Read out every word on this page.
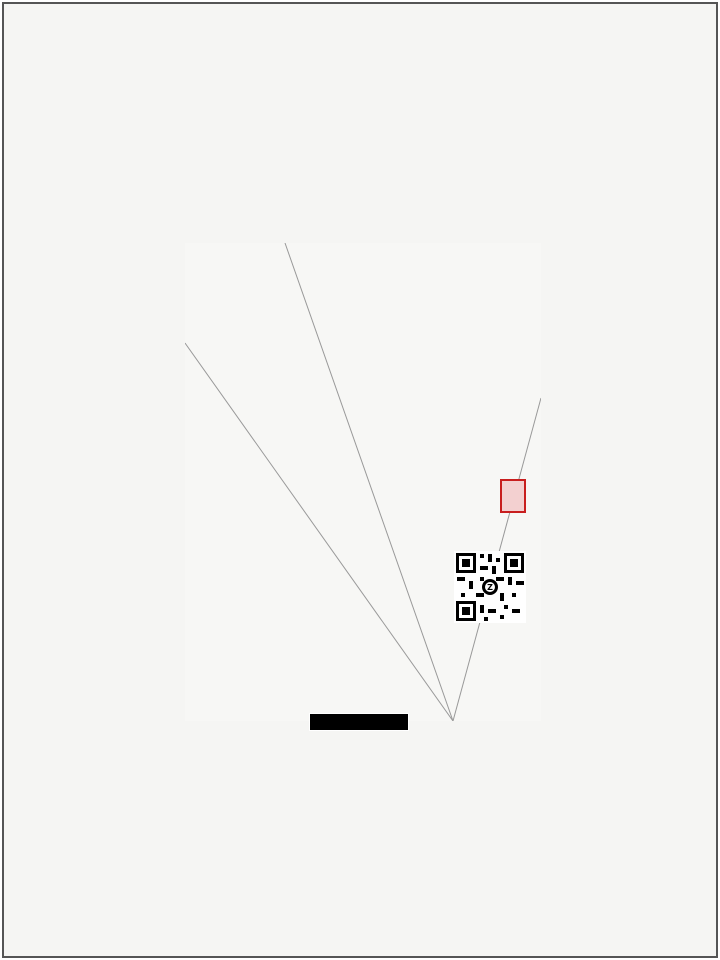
Z
